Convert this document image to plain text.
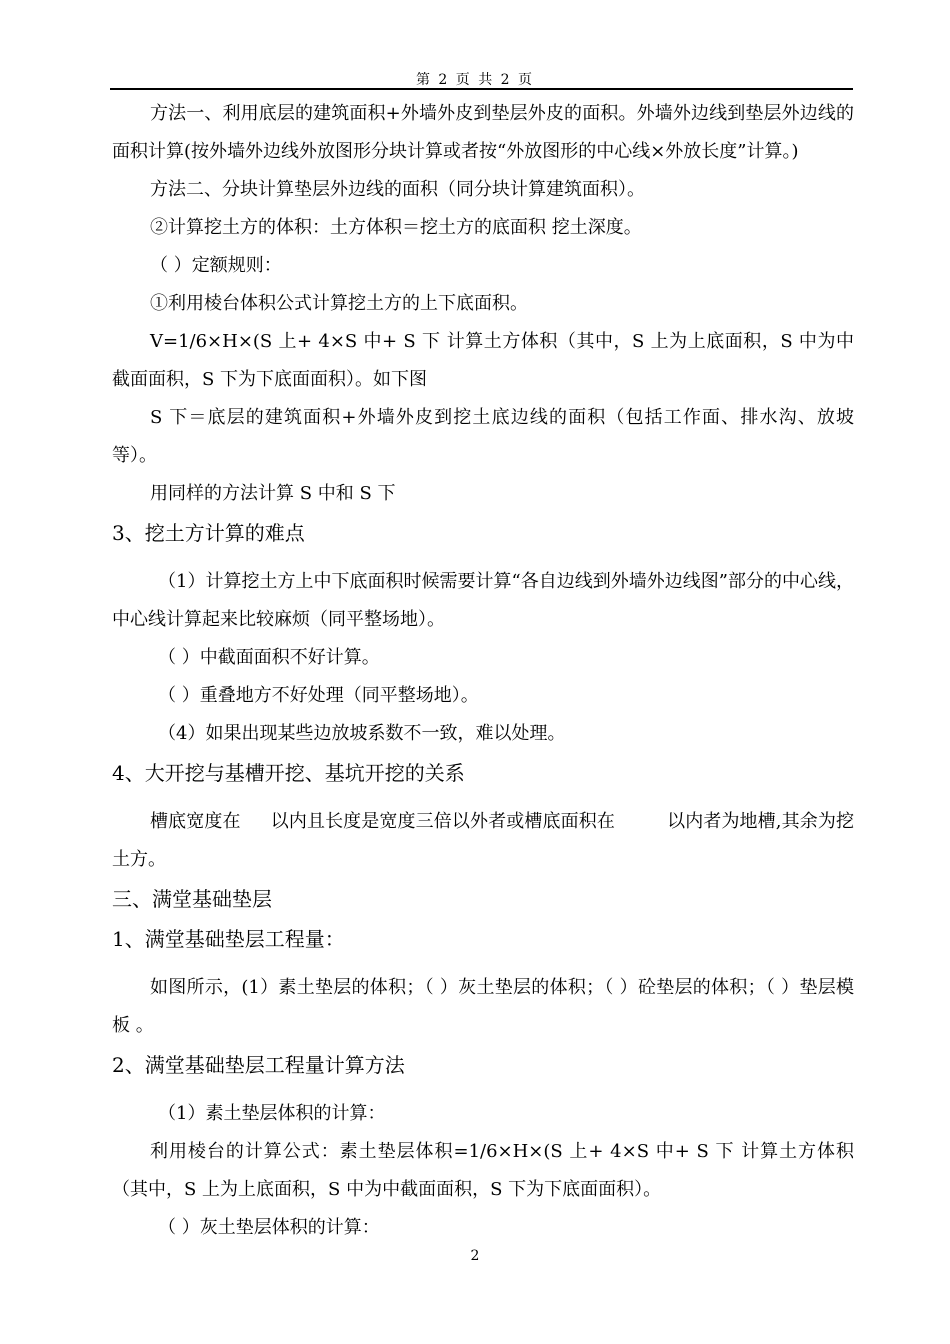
第 2 页 共 2 页

方法一、利用底层的建筑面积+外墙外皮到垫层外皮的面积。外墙外边线到垫层外边线的面积计算(按外墙外边线外放图形分块计算或者按“外放图形的中心线×外放长度”计算。)

方法二、分块计算垫层外边线的面积（同分块计算建筑面积）。

②计算挖土方的体积：土方体积＝挖土方的底面积 挖土深度。

（ ）定额规则：

①利用棱台体积公式计算挖土方的上下底面积。

V=1/6×H×(S 上+ 4×S 中+ S 下 计算土方体积（其中，S 上为上底面积，S 中为中截面面积，S 下为下底面面积）。如下图

S 下＝底层的建筑面积+外墙外皮到挖土底边线的面积（包括工作面、排水沟、放坡等）。

用同样的方法计算 S 中和 S 下

3、挖土方计算的难点

（1）计算挖土方上中下底面积时候需要计算“各自边线到外墙外边线图”部分的中心线，中心线计算起来比较麻烦（同平整场地）。

（ ）中截面面积不好计算。

（ ）重叠地方不好处理（同平整场地）。

（4）如果出现某些边放坡系数不一致，难以处理。

4、大开挖与基槽开挖、基坑开挖的关系

槽底宽度在 以内且长度是宽度三倍以外者或槽底面积在	以内者为地槽,其余为挖土方。

三、满堂基础垫层

1、满堂基础垫层工程量：

如图所示，(1）素土垫层的体积；（ ）灰土垫层的体积；（ ）砼垫层的体积；（ ）垫层模板 。

2、满堂基础垫层工程量计算方法

（1）素土垫层体积的计算：

利用棱台的计算公式：素土垫层体积=1/6×H×(S 上+ 4×S 中+ S 下 计算土方体积（其中，S 上为上底面积，S 中为中截面面积，S 下为下底面面积）。

（ ）灰土垫层体积的计算：

2
